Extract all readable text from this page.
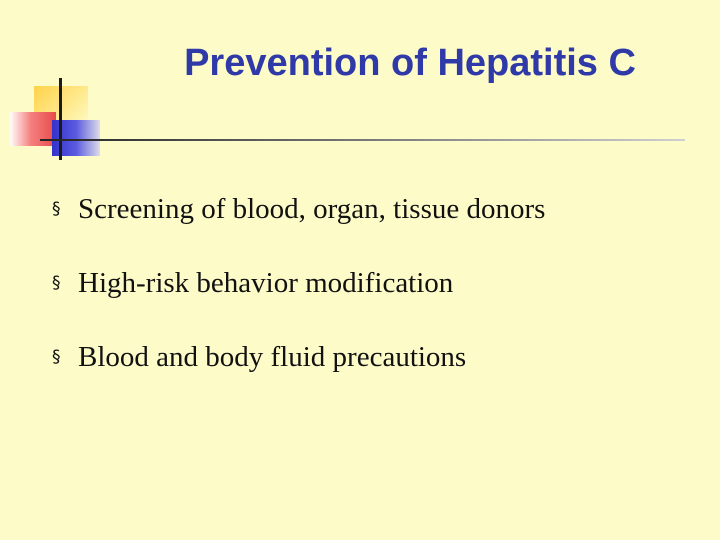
Prevention of Hepatitis C
§ Screening of blood, organ, tissue donors
§ High-risk behavior modification
§ Blood and body fluid precautions
